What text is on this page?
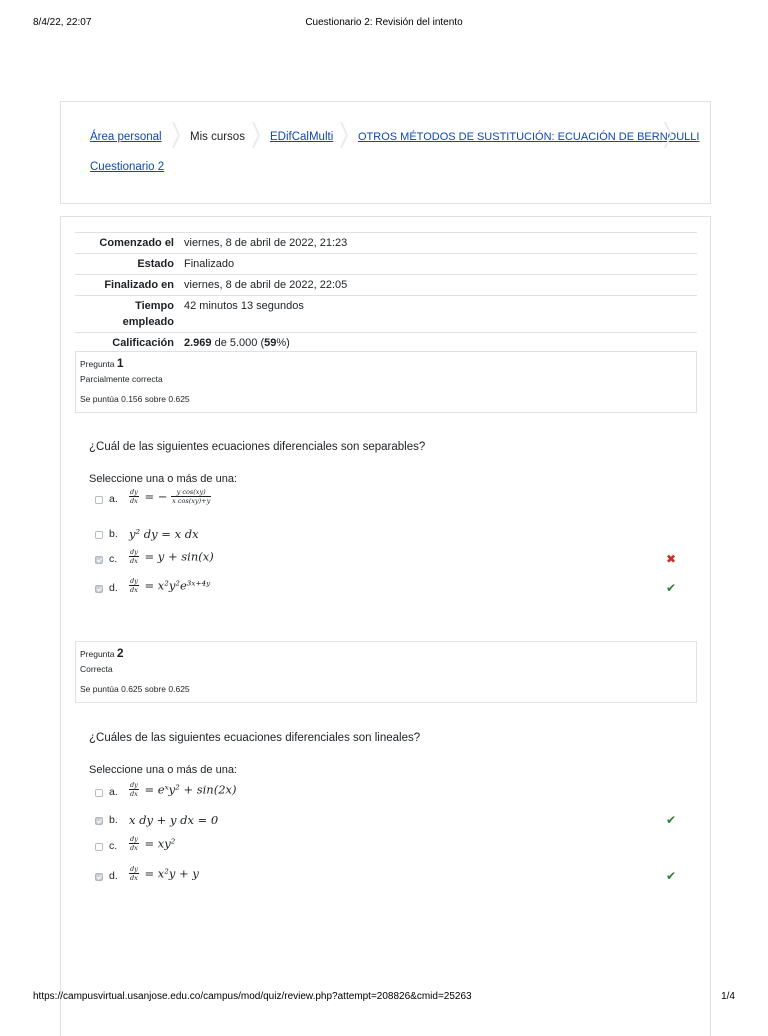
8/4/22, 22:07	Cuestionario 2: Revisión del intento
Área personal Mis cursos EDifCalMulti OTROS MÉTODOS DE SUSTITUCIÓN: ECUACIÓN DE BERNOULLI
Cuestionario 2
Comenzado el	viernes, 8 de abril de 2022, 21:23
Estado	Finalizado
Finalizado en	viernes, 8 de abril de 2022, 22:05
Tiempo
empleado	42 minutos 13 segundos
Calificación	2.969 de 5.000 (59%)
Pregunta 1
Parcialmente correcta
Se puntúa 0.156 sobre 0.625
¿Cuál de las siguientes ecuaciones diferenciales son separables?
Seleccione una o más de una:
a. $\frac{dy}{dx}$ = − $\frac{\text{y cos(xy)}}{\text{x cos(xy)+y}}$
b. y² dy = x dx
c. $\frac{dy}{dx} = y + \sin(x)$	✖
d. $\frac{dy}{dx}$ = x²y²e³ˣ⁺⁴ʸ	✔
Pregunta 2
Correcta
Se puntúa 0.625 sobre 0.625
¿Cuáles de las siguientes ecuaciones diferenciales son lineales?
Seleccione una o más de una:
a. $\frac{dy}{dx}$ = eˣy² + sin(2x)
b. x dy + y dx = 0	✔
c. $\frac{dy}{dx} = xy^2$
d. $\frac{dy}{dx} = x^2y + y$	✔
https://campusvirtual.usanjose.edu.co/campus/mod/quiz/review.php?attempt=208826&cmid=25263	1/4
